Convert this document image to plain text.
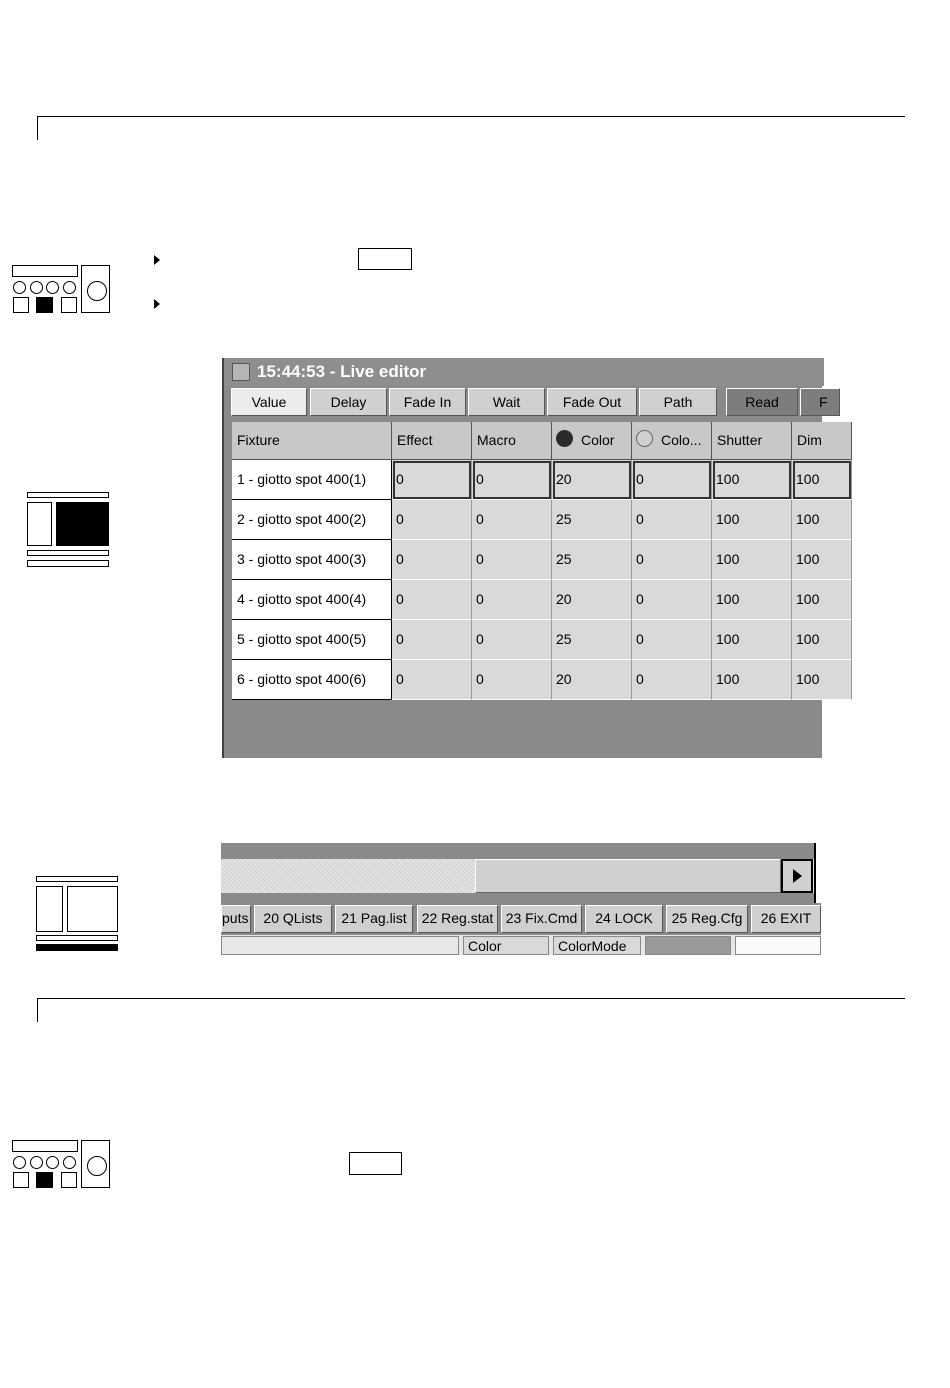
15:44:53 - Live editor
Value	Delay	Fade In	Wait	Fade Out	Path	Read	F
Fixture	Effect	Macro	Color	Colo...	Shutter	Dim
1 - giotto spot 400(1)	0	0	20	0	100	100
2 - giotto spot 400(2)	0	0	25	0	100	100
3 - giotto spot 400(3)	0	0	25	0	100	100
4 - giotto spot 400(4)	0	0	20	0	100	100
5 - giotto spot 400(5)	0	0	25	0	100	100
6 - giotto spot 400(6)	0	0	20	0	100	100
puts	20 QLists	21 Pag.list	22 Reg.stat 23 Fix.Cmd	24 LOCK	25 Reg.Cfg	26 EXIT
Color	ColorMode
